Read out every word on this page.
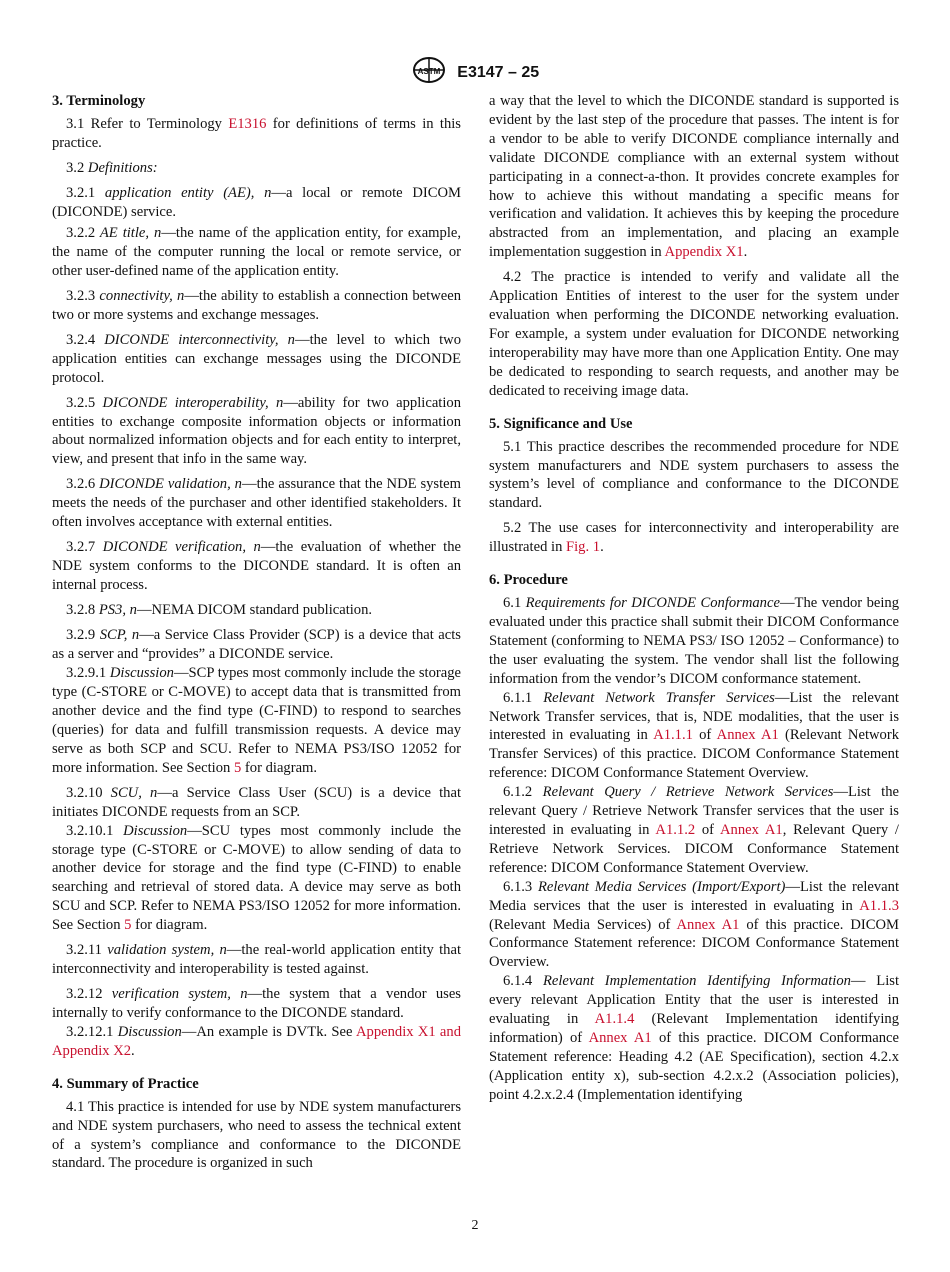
ASTM E3147 – 25
3. Terminology

3.1 Refer to Terminology E1316 for definitions of terms in this practice.

3.2 Definitions:

3.2.1 application entity (AE), n—a local or remote DICOM (DICONDE) service.

3.2.2 AE title, n—the name of the application entity, for example, the name of the computer running the local or remote service, or other user-defined name of the application entity.

3.2.3 connectivity, n—the ability to establish a connection between two or more systems and exchange messages.

3.2.4 DICONDE interconnectivity, n—the level to which two application entities can exchange messages using the DICONDE protocol.

3.2.5 DICONDE interoperability, n—ability for two application entities to exchange composite information objects or information about normalized information objects and for each entity to interpret, view, and present that info in the same way.

3.2.6 DICONDE validation, n—the assurance that the NDE system meets the needs of the purchaser and other identified stakeholders. It often involves acceptance with external entities.

3.2.7 DICONDE verification, n—the evaluation of whether the NDE system conforms to the DICONDE standard. It is often an internal process.

3.2.8 PS3, n—NEMA DICOM standard publication.

3.2.9 SCP, n—a Service Class Provider (SCP) is a device that acts as a server and “provides” a DICONDE service.

3.2.9.1 Discussion—SCP types most commonly include the storage type (C-STORE or C-MOVE) to accept data that is transmitted from another device and the find type (C-FIND) to respond to searches (queries) for data and fulfill transmission requests. A device may serve as both SCP and SCU. Refer to NEMA PS3/ISO 12052 for more information. See Section 5 for diagram.

3.2.10 SCU, n—a Service Class User (SCU) is a device that initiates DICONDE requests from an SCP.

3.2.10.1 Discussion—SCU types most commonly include the storage type (C-STORE or C-MOVE) to allow sending of data to another device for storage and the find type (C-FIND) to enable searching and retrieval of stored data. A device may serve as both SCU and SCP. Refer to NEMA PS3/ISO 12052 for more information. See Section 5 for diagram.

3.2.11 validation system, n—the real-world application entity that interconnectivity and interoperability is tested against.

3.2.12 verification system, n—the system that a vendor uses internally to verify conformance to the DICONDE standard.

3.2.12.1 Discussion—An example is DVTk. See Appendix X1 and Appendix X2.

4. Summary of Practice

4.1 This practice is intended for use by NDE system manufacturers and NDE system purchasers, who need to assess the technical extent of a system’s compliance and conformance to the DICONDE standard. The procedure is organized in such

a way that the level to which the DICONDE standard is supported is evident by the last step of the procedure that passes. The intent is for a vendor to be able to verify DICONDE compliance internally and validate DICONDE compliance with an external system without participating in a connect-a-thon. It provides concrete examples for how to achieve this without mandating a specific means for verification and validation. It achieves this by keeping the procedure abstracted from an implementation, and placing an example implementation suggestion in Appendix X1.

4.2 The practice is intended to verify and validate all the Application Entities of interest to the user for the system under evaluation when performing the DICONDE networking evaluation. For example, a system under evaluation for DICONDE networking interoperability may have more than one Application Entity. One may be dedicated to responding to search requests, and another may be dedicated to receiving image data.

5. Significance and Use

5.1 This practice describes the recommended procedure for NDE system manufacturers and NDE system purchasers to assess the system’s level of compliance and conformance to the DICONDE standard.

5.2 The use cases for interconnectivity and interoperability are illustrated in Fig. 1.

6. Procedure

6.1 Requirements for DICONDE Conformance—The vendor being evaluated under this practice shall submit their DICOM Conformance Statement (conforming to NEMA PS3/ ISO 12052 – Conformance) to the user evaluating the system. The vendor shall list the following information from the vendor’s DICOM conformance statement.

6.1.1 Relevant Network Transfer Services—List the relevant Network Transfer services, that is, NDE modalities, that the user is interested in evaluating in A1.1.1 of Annex A1 (Relevant Network Transfer Services) of this practice. DICOM Conformance Statement reference: DICOM Conformance Statement Overview.

6.1.2 Relevant Query / Retrieve Network Services—List the relevant Query / Retrieve Network Transfer services that the user is interested in evaluating in A1.1.2 of Annex A1, Relevant Query / Retrieve Network Services. DICOM Conformance Statement reference: DICOM Conformance Statement Overview.

6.1.3 Relevant Media Services (Import/Export)—List the relevant Media services that the user is interested in evaluating in A1.1.3 (Relevant Media Services) of Annex A1 of this practice. DICOM Conformance Statement reference: DICOM Conformance Statement Overview.

6.1.4 Relevant Implementation Identifying Information— List every relevant Application Entity that the user is interested in evaluating in A1.1.4 (Relevant Implementation identifying information) of Annex A1 of this practice. DICOM Conformance Statement reference: Heading 4.2 (AE Specification), section 4.2.x (Application entity x), sub-section 4.2.x.2 (Association policies), point 4.2.x.2.4 (Implementation identifying

2
